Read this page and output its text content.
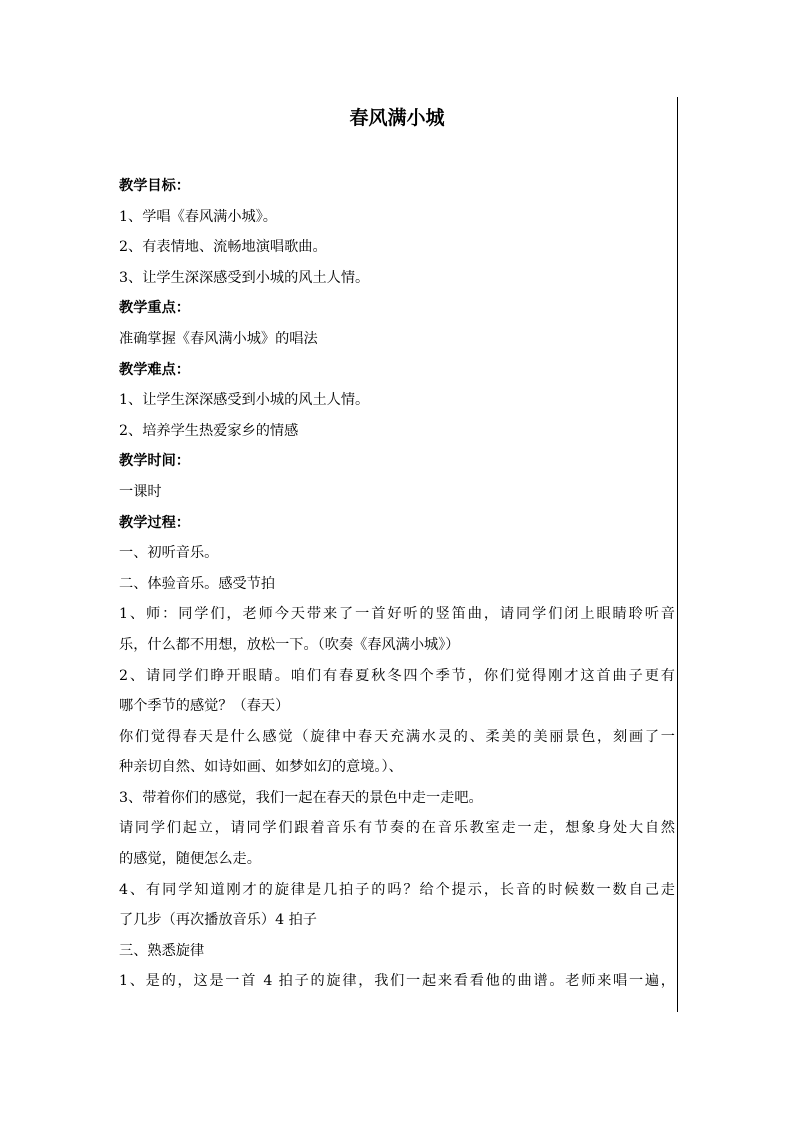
春风满小城
教学目标：
1、学唱《春风满小城》。
2、有表情地、流畅地演唱歌曲。
3、让学生深深感受到小城的风土人情。
教学重点：
准确掌握《春风满小城》的唱法
教学难点：
1、让学生深深感受到小城的风土人情。
2、培养学生热爱家乡的情感
教学时间：
一课时
教学过程：
一、初听音乐。
二、体验音乐。感受节拍
1、师：同学们，老师今天带来了一首好听的竖笛曲，请同学们闭上眼睛聆听音
乐，什么都不用想，放松一下。（吹奏《春风满小城》）
2、请同学们睁开眼睛。咱们有春夏秋冬四个季节，你们觉得刚才这首曲子更有
哪个季节的感觉？（春天）
你们觉得春天是什么感觉（旋律中春天充满水灵的、柔美的美丽景色，刻画了一
种亲切自然、如诗如画、如梦如幻的意境。）、
3、带着你们的感觉，我们一起在春天的景色中走一走吧。
请同学们起立，请同学们跟着音乐有节奏的在音乐教室走一走，想象身处大自然
的感觉，随便怎么走。
4、有同学知道刚才的旋律是几拍子的吗？给个提示，长音的时候数一数自己走
了几步（再次播放音乐）4 拍子
三、熟悉旋律
1、是的，这是一首 4 拍子的旋律，我们一起来看看他的曲谱。老师来唱一遍，
